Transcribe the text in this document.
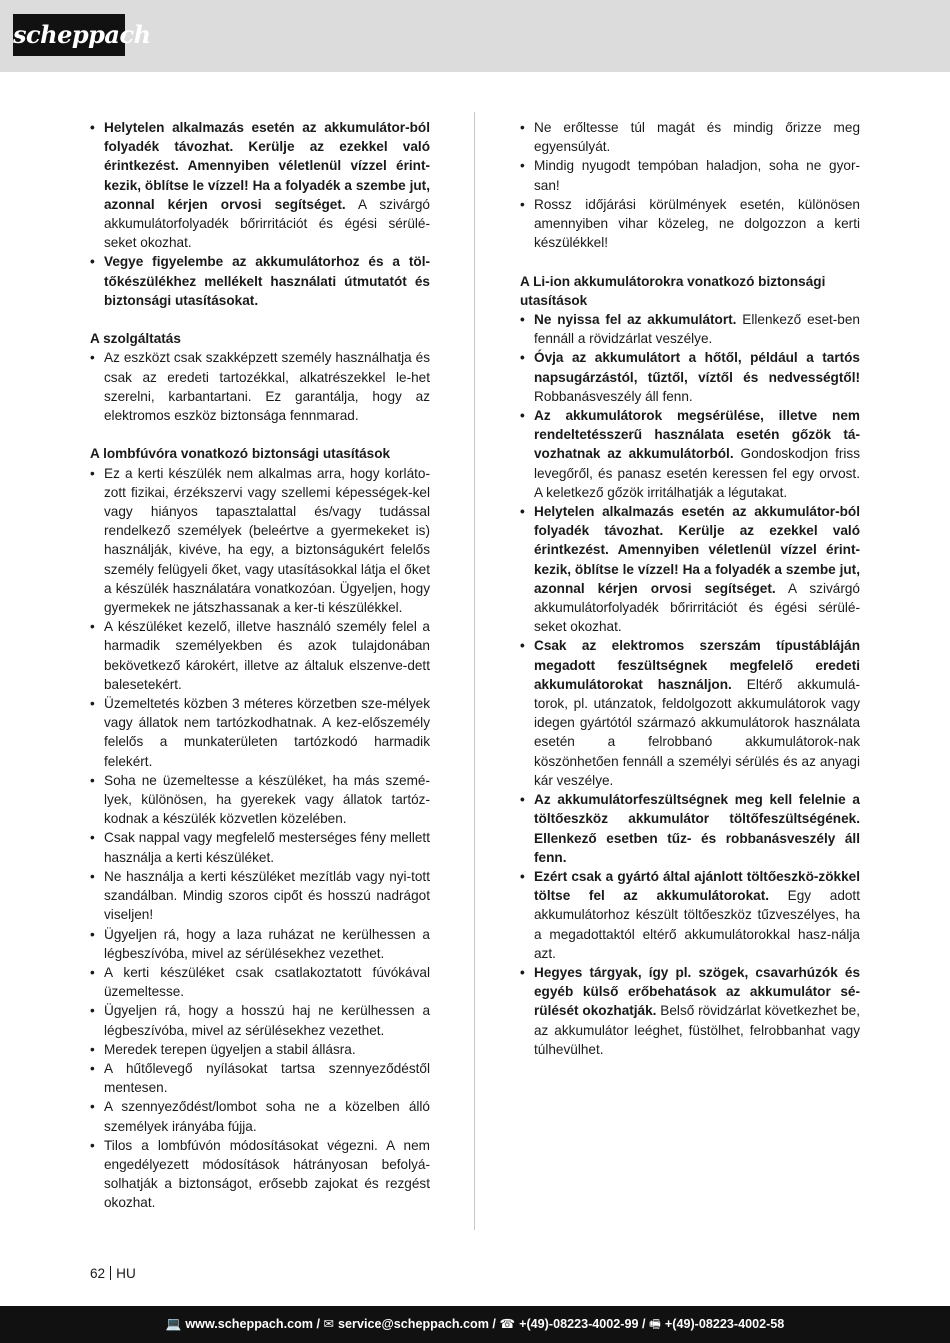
scheppach
• Helytelen alkalmazás esetén az akkumulátor-ból folyadék távozhat. Kerülje az ezekkel való érintkezést. Amennyiben véletlenül vízzel érint-kezik, öblítse le vízzel! Ha a folyadék a szembe jut, azonnal kérjen orvosi segítséget. A szivárgó akkumulátorfolyadék bőrirritációt és égési sérülé-seket okozhat.
• Vegye figyelembe az akkumulátorhoz és a töl-tőkészülékhez mellékelt használati útmutatót és biztonsági utasításokat.
A szolgáltatás
• Az eszközt csak szakképzett személy használhatja és csak az eredeti tartozékkal, alkatrészekkel le-het szerelni, karbantartani. Ez garantálja, hogy az elektromos eszköz biztonsága fennmarad.
A lombfúvóra vonatkozó biztonsági utasítások
• Ez a kerti készülék nem alkalmas arra, hogy korláto-zott fizikai, érzékszervi vagy szellemi képességek-kel vagy hiányos tapasztalattal és/vagy tudással rendelkező személyek (beleértve a gyermekeket is) használják, kivéve, ha egy, a biztonságukért felelős személy felügyeli őket, vagy utasításokkal látja el őket a készülék használatára vonatkozóan. Ügyeljen, hogy gyermekek ne játszhassanak a ker-ti készülékkel.
• A készüléket kezelő, illetve használó személy felel a harmadik személyekben és azok tulajdonában bekövetkező károkért, illetve az általuk elszenve-dett balesetekért.
• Üzemeltetés közben 3 méteres körzetben sze-mélyek vagy állatok nem tartózkodhatnak. A kez-előszemély felelős a munkaterületen tartózkodó harmadik felekért.
• Soha ne üzemeltesse a készüléket, ha más szemé-lyek, különösen, ha gyerekek vagy állatok tartóz-kodnak a készülék közvetlen közelében.
• Csak nappal vagy megfelelő mesterséges fény mellett használja a kerti készüléket.
• Ne használja a kerti készüléket mezítláb vagy nyi-tott szandálban. Mindig szoros cipőt és hosszú nadrágot viseljen!
• Ügyeljen rá, hogy a laza ruházat ne kerülhessen a légbeszívóba, mivel az sérülésekhez vezethet.
• A kerti készüléket csak csatlakoztatott fúvókával üzemeltesse.
• Ügyeljen rá, hogy a hosszú haj ne kerülhessen a légbeszívóba, mivel az sérülésekhez vezethet.
• Meredek terepen ügyeljen a stabil állásra.
• A hűtőlevegő nyílásokat tartsa szennyeződéstől mentesen.
• A szennyeződést/lombot soha ne a közelben álló személyek irányába fújja.
• Tilos a lombfúvón módosításokat végezni. A nem engedélyezett módosítások hátrányosan befolyá-solhatják a biztonságot, erősebb zajokat és rezgést okozhat.
• Ne erőltesse túl magát és mindig őrizze meg egyensúlyát.
• Mindig nyugodt tempóban haladjon, soha ne gyor-san!
• Rossz időjárási körülmények esetén, különösen amennyiben vihar közeleg, ne dolgozzon a kerti készülékkel!
A Li-ion akkumulátorokra vonatkozó biztonsági utasítások
• Ne nyissa fel az akkumulátort. Ellenkező eset-ben fennáll a rövidzárlat veszélye.
• Óvja az akkumulátort a hőtől, például a tartós napsugárzástól, tűztől, víztől és nedvességtől! Robbanásveszély áll fenn.
• Az akkumulátorok megsérülése, illetve nem rendeltetésszerű használata esetén gőzök tá-vozhatnak az akkumulátorból. Gondoskodjon friss levegőről, és panasz esetén keressen fel egy orvost. A keletkező gőzök irritálhatják a légutakat.
• Helytelen alkalmazás esetén az akkumulátor-ból folyadék távozhat. Kerülje az ezekkel való érintkezést. Amennyiben véletlenül vízzel érint-kezik, öblítse le vízzel! Ha a folyadék a szembe jut, azonnal kérjen orvosi segítséget. A szivárgó akkumulátorfolyadék bőrirritációt és égési sérülé-seket okozhat.
• Csak az elektromos szerszám típustábláján megadott feszültségnek megfelelő eredeti akkumulátorokat használjon. Eltérő akkumulá-torok, pl. utánzatok, feldolgozott akkumulátorok vagy idegen gyártótól származó akkumulátorok használata esetén a felrobbanó akkumulátorok-nak köszönhetően fennáll a személyi sérülés és az anyagi kár veszélye.
• Az akkumulátorfeszültségnek meg kell felelnie a töltőeszköz akkumulátor töltőfeszültségének. Ellenkező esetben tűz- és robbanásveszély áll fenn.
• Ezért csak a gyártó által ajánlott töltőeszkö-zökkel töltse fel az akkumulátorokat. Egy adott akkumulátorhoz készült töltőeszköz tűzveszélyes, ha a megadottaktól eltérő akkumulátorokkal hasz-nálja azt.
• Hegyes tárgyak, így pl. szögek, csavarhúzók és egyéb külső erőbehatások az akkumulátor sé-rülését okozhatják. Belső rövidzárlat következhet be, az akkumulátor leéghet, füstölhet, felrobbanhat vagy túlhevülhet.
62 HU
💻 www.scheppach.com / ✉ service@scheppach.com / ☎ +(49)-08223-4002-99 / 🖷 +(49)-08223-4002-58
